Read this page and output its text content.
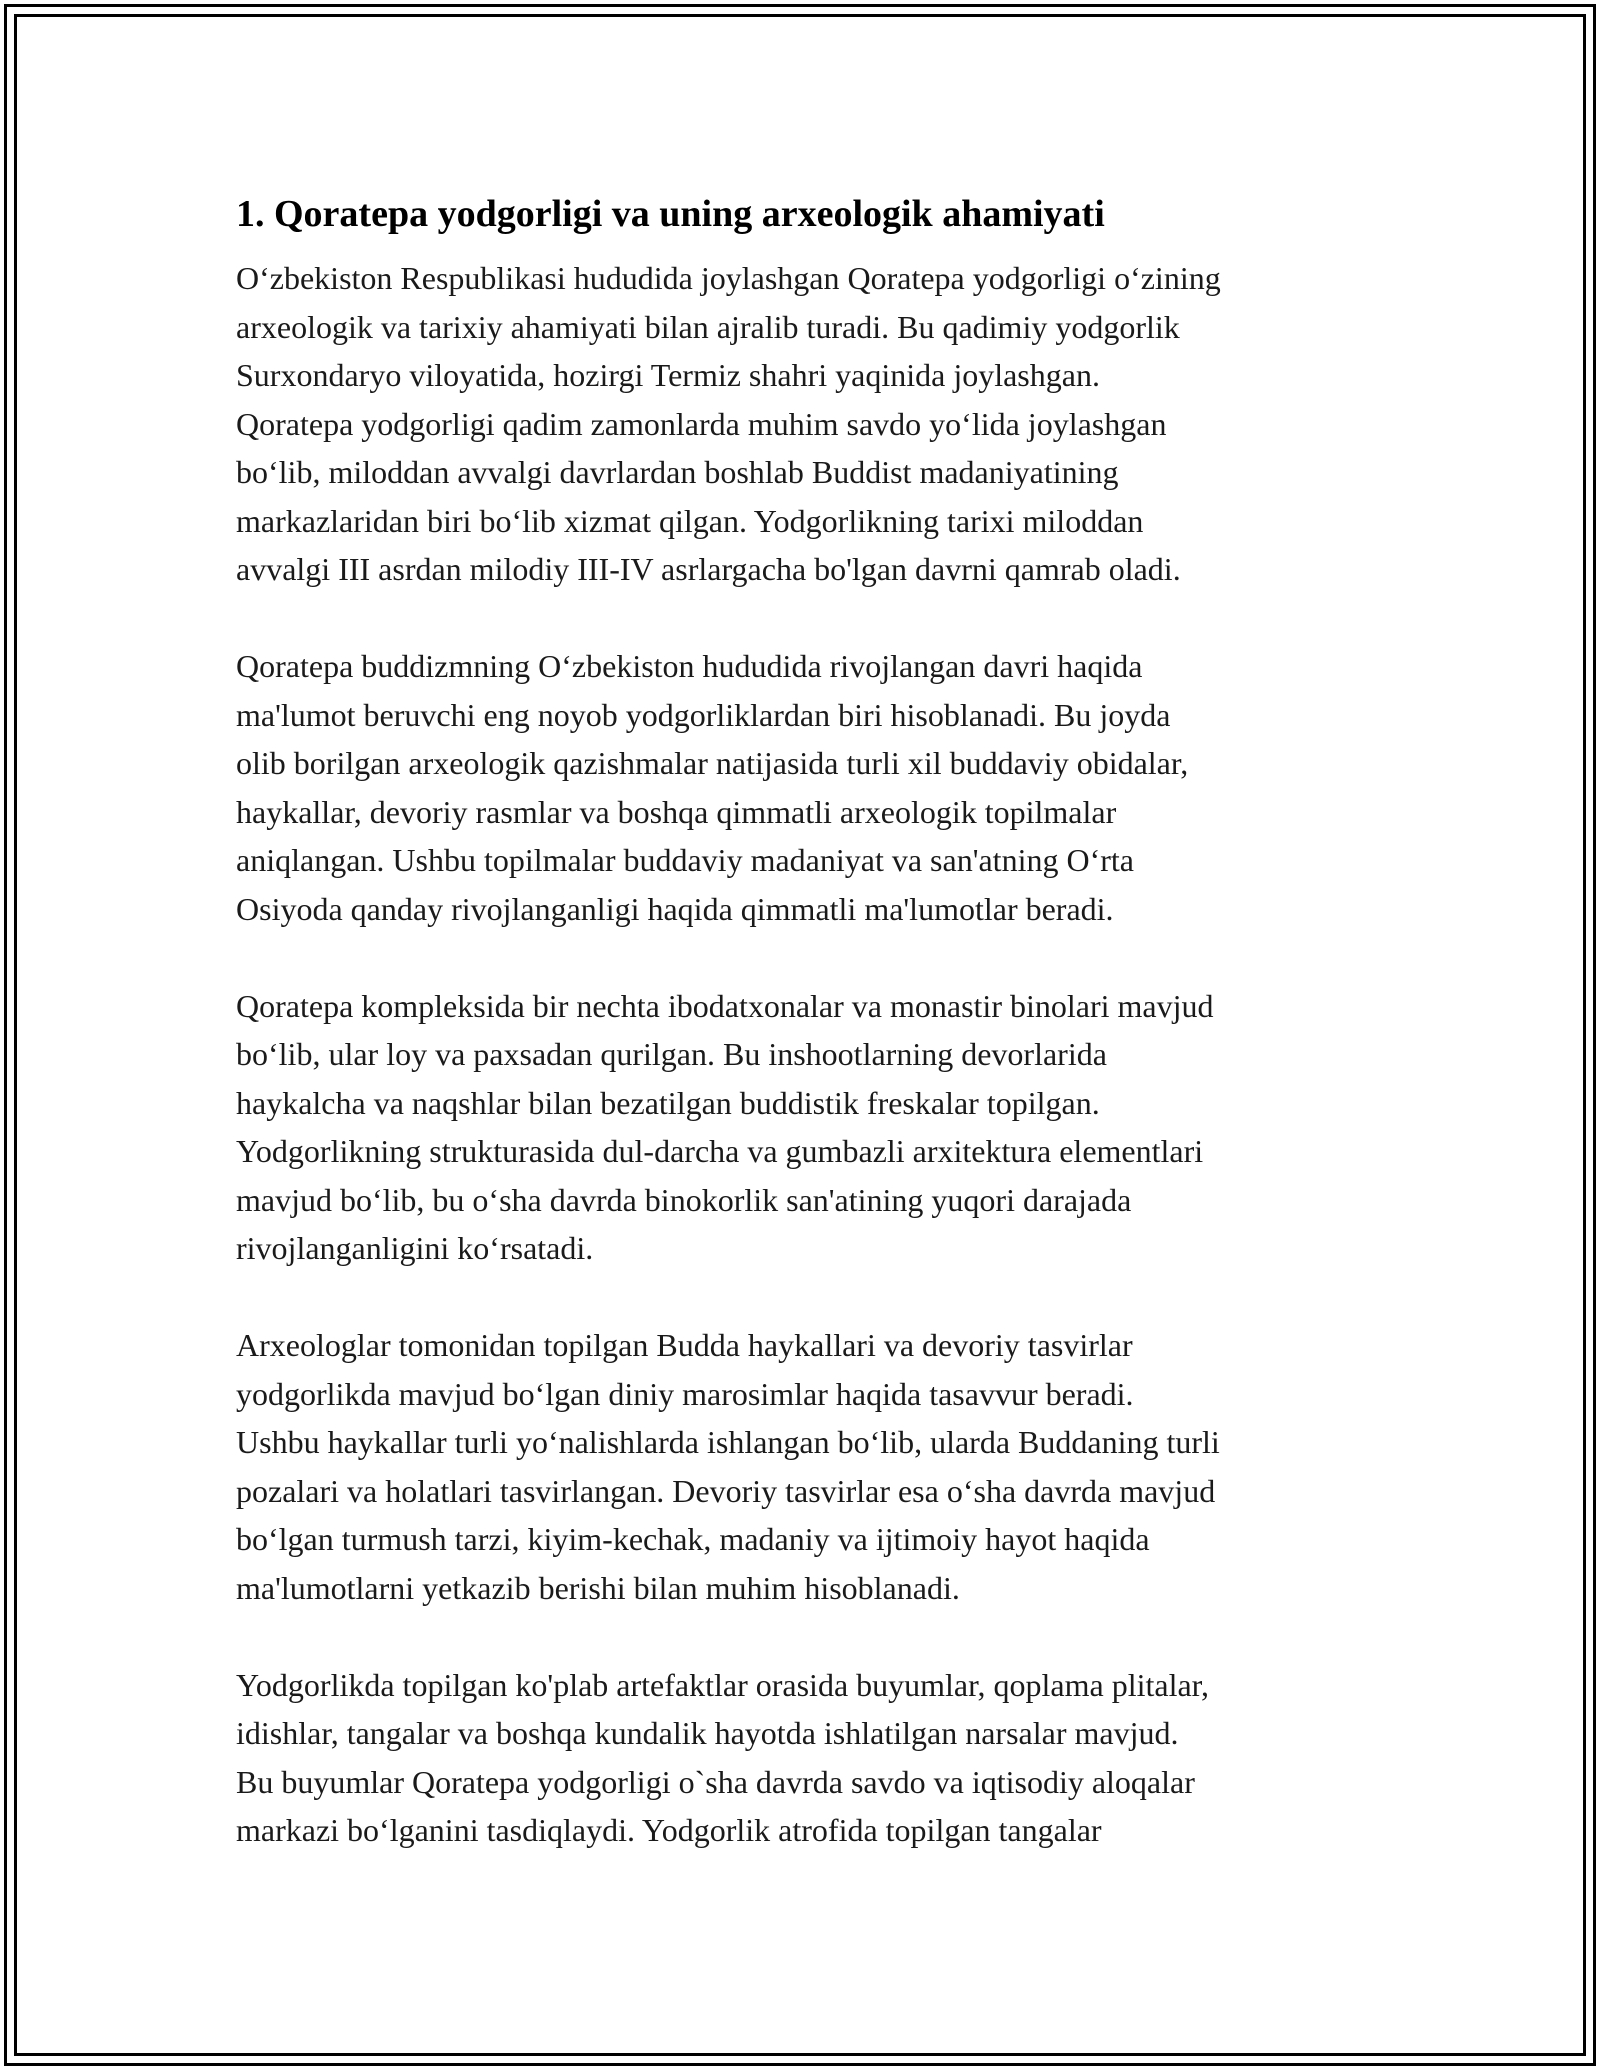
1. Qoratepa yodgorligi va uning arxeologik ahamiyati

O‘zbekiston Respublikasi hududida joylashgan Qoratepa yodgorligi o‘zining
arxeologik va tarixiy ahamiyati bilan ajralib turadi. Bu qadimiy yodgorlik
Surxondaryo viloyatida, hozirgi Termiz shahri yaqinida joylashgan.
Qoratepa yodgorligi qadim zamonlarda muhim savdo yo‘lida joylashgan
bo‘lib, miloddan avvalgi davrlardan boshlab Buddist madaniyatining
markazlaridan biri bo‘lib xizmat qilgan. Yodgorlikning tarixi miloddan
avvalgi III asrdan milodiy III-IV asrlargacha bo'lgan davrni qamrab oladi.

Qoratepa buddizmning O‘zbekiston hududida rivojlangan davri haqida
ma'lumot beruvchi eng noyob yodgorliklardan biri hisoblanadi. Bu joyda
olib borilgan arxeologik qazishmalar natijasida turli xil buddaviy obidalar,
haykallar, devoriy rasmlar va boshqa qimmatli arxeologik topilmalar
aniqlangan. Ushbu topilmalar buddaviy madaniyat va san'atning O‘rta
Osiyoda qanday rivojlanganligi haqida qimmatli ma'lumotlar beradi.

Qoratepa kompleksida bir nechta ibodatxonalar va monastir binolari mavjud
bo‘lib, ular loy va paxsadan qurilgan. Bu inshootlarning devorlarida
haykalcha va naqshlar bilan bezatilgan buddistik freskalar topilgan.
Yodgorlikning strukturasida dul-darcha va gumbazli arxitektura elementlari
mavjud bo‘lib, bu o‘sha davrda binokorlik san'atining yuqori darajada
rivojlanganligini ko‘rsatadi.

Arxeologlar tomonidan topilgan Budda haykallari va devoriy tasvirlar
yodgorlikda mavjud bo‘lgan diniy marosimlar haqida tasavvur beradi.
Ushbu haykallar turli yo‘nalishlarda ishlangan bo‘lib, ularda Buddaning turli
pozalari va holatlari tasvirlangan. Devoriy tasvirlar esa o‘sha davrda mavjud
bo‘lgan turmush tarzi, kiyim-kechak, madaniy va ijtimoiy hayot haqida
ma'lumotlarni yetkazib berishi bilan muhim hisoblanadi.

Yodgorlikda topilgan ko'plab artefaktlar orasida buyumlar, qoplama plitalar,
idishlar, tangalar va boshqa kundalik hayotda ishlatilgan narsalar mavjud.
Bu buyumlar Qoratepa yodgorligi o`sha davrda savdo va iqtisodiy aloqalar
markazi bo‘lganini tasdiqlaydi. Yodgorlik atrofida topilgan tangalar
